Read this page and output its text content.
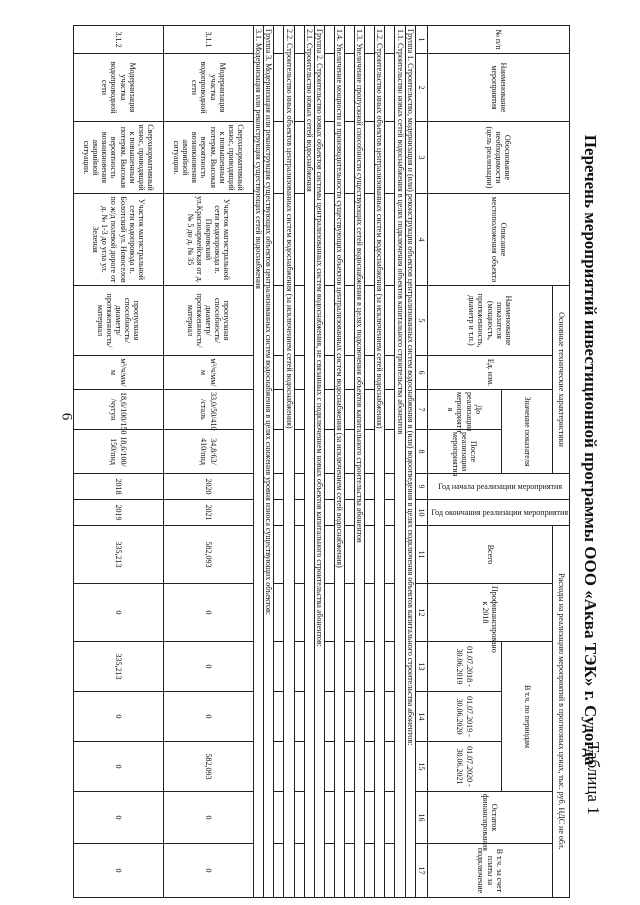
6
Таблица 1
Перечень мероприятий инвестиционной программы ООО «Аква ТЭК» г. Судогда
№ п/п	Наименование мероприятия	Обоснование необходимости (цель реализации)	Описание местоположения объекта	Основные технические характеристики				Год начала реализации мероприятия	Год окончания реализации мероприятия	Расходы на реализацию мероприятий в прогнозных ценах, тыс. руб. НДС не обл.						
				Наименование показателя (мощность, протяженность, диаметр и т.п.)	Ед. изм.	Значение показателя				Всего	Профинансировано к 2018	В т.ч. по периодам			Остаток финансирования	В т.ч. за счет платы за подключение
						До реализации мероприяти я	После реализации мероприятия					01.07.2018 - 30.06.2019	01.07.2019 - 30.06.2020	01.07.2020 - 30.06.2021		

1	2	3	4	5	6	7	8	9	10	11	12	13	14	15	16	17
Группа 1. Строительство, модернизация и (или) реконструкция объектов централизованных систем водоснабжения и (или) водоотведения в целях подключения объектов капитального строительства абонентов:																
1.1. Строительство новых сетей водоснабжения в целях подключения объектов капитального строительства абонентов																

1.2. Строительство иных объектов централизованных систем водоснабжения (за исключением сетей водоснабжения)																

1.3. Увеличение пропускной способности существующих сетей водоснабжения в целях подключения объектов капитального строительства абонентов																

1.4. Увеличение мощности и производительности существующих объектов централизованных систем водоснабжения (за исключением сетей водоснабжения)																

Группа 2. Строительство новых объектов системы централизованных систем водоснабжения, не связанных с подключением новых объектов капитального строительства абонентов:																
2.1. Строительство новых сетей водоснабжения																

2.2. Строительство иных объектов централизованных систем водоснабжения (за исключением сетей водоснабжения)																

Группа 3. Модернизация или реконструкция существующих объектов централизованных систем водоснабжения в целях снижения уровня износа существующих объектов:																
3.1. Модернизация или реконструкция существующих сетей водоснабжения																
3.1.1	Модернизация участка водопроводной сети	Сверхнормативный износ, приводящий к повышенным потерям. Высокая вероятность возникновения аварийной ситуации.	Участок магистральной сети водопровода п. Покровский ул.Красноармейская от д. № 5 до д. № 35	пропускная способность/ диаметр/ протяженность/ материал	м³/ч/мм/м	33,0/50/410 /сталь	34,8/63/ 410/пнд	2020	2021	582,093	0	0	0	582,093	0	0
3.1.2	Модернизация участка водопроводной сети	Сверхнормативный износ, приводящий к повышенным потерям. Высокая вероятность возникновения аварийной ситуации.	Участок магистральной сети водопровода п. Болотский ул. Новоселов по ж/д полевой дороге от д. № 1-3 до угла ул. Зеленая	пропускная способность/ диаметр/ протяженность/ материал	м³/ч/мм/м	18,6/100/150 /чугун	18,6/100/ 150/пнд	2018	2019	335,213	0	335,213	0	0	0	0
